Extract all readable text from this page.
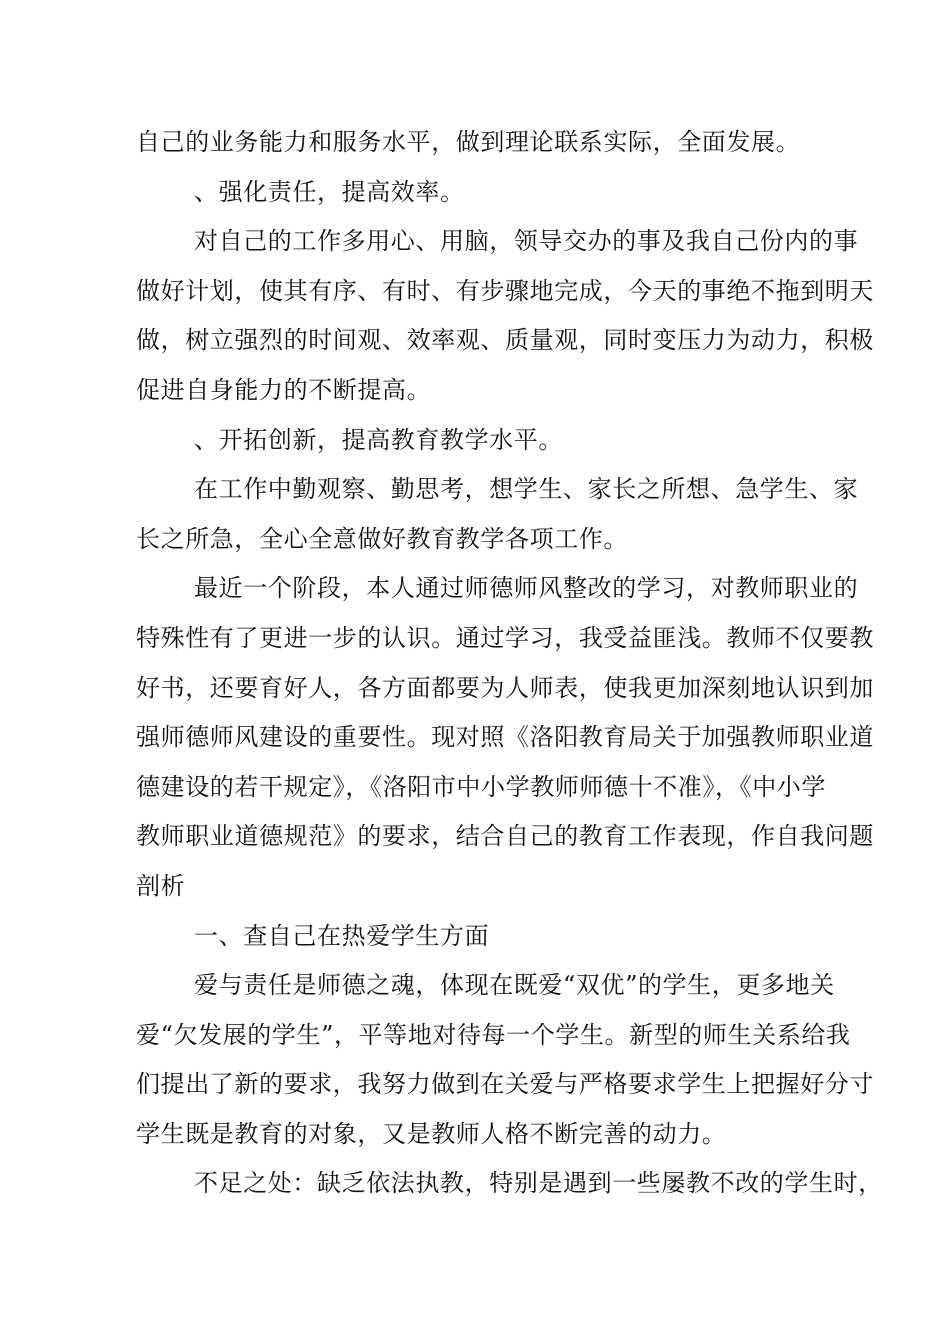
自己的业务能力和服务水平，做到理论联系实际，全面发展。
、强化责任，提高效率。
对自己的工作多用心、用脑，领导交办的事及我自己份内的事
做好计划，使其有序、有时、有步骤地完成，今天的事绝不拖到明天
做，树立强烈的时间观、效率观、质量观，同时变压力为动力，积极
促进自身能力的不断提高。
、开拓创新，提高教育教学水平。
在工作中勤观察、勤思考，想学生、家长之所想、急学生、家
长之所急，全心全意做好教育教学各项工作。
最近一个阶段，本人通过师德师风整改的学习，对教师职业的
特殊性有了更进一步的认识。通过学习，我受益匪浅。教师不仅要教
好书，还要育好人，各方面都要为人师表，使我更加深刻地认识到加
强师德师风建设的重要性。现对照《洛阳教育局关于加强教师职业道
德建设的若干规定》，《洛阳市中小学教师师德十不准》，《中小学
教师职业道德规范》的要求，结合自己的教育工作表现，作自我问题
剖析
一、查自己在热爱学生方面
爱与责任是师德之魂，体现在既爱“双优”的学生，更多地关
爱“欠发展的学生”，平等地对待每一个学生。新型的师生关系给我
们提出了新的要求，我努力做到在关爱与严格要求学生上把握好分寸
学生既是教育的对象，又是教师人格不断完善的动力。
不足之处：缺乏依法执教，特别是遇到一些屡教不改的学生时，
